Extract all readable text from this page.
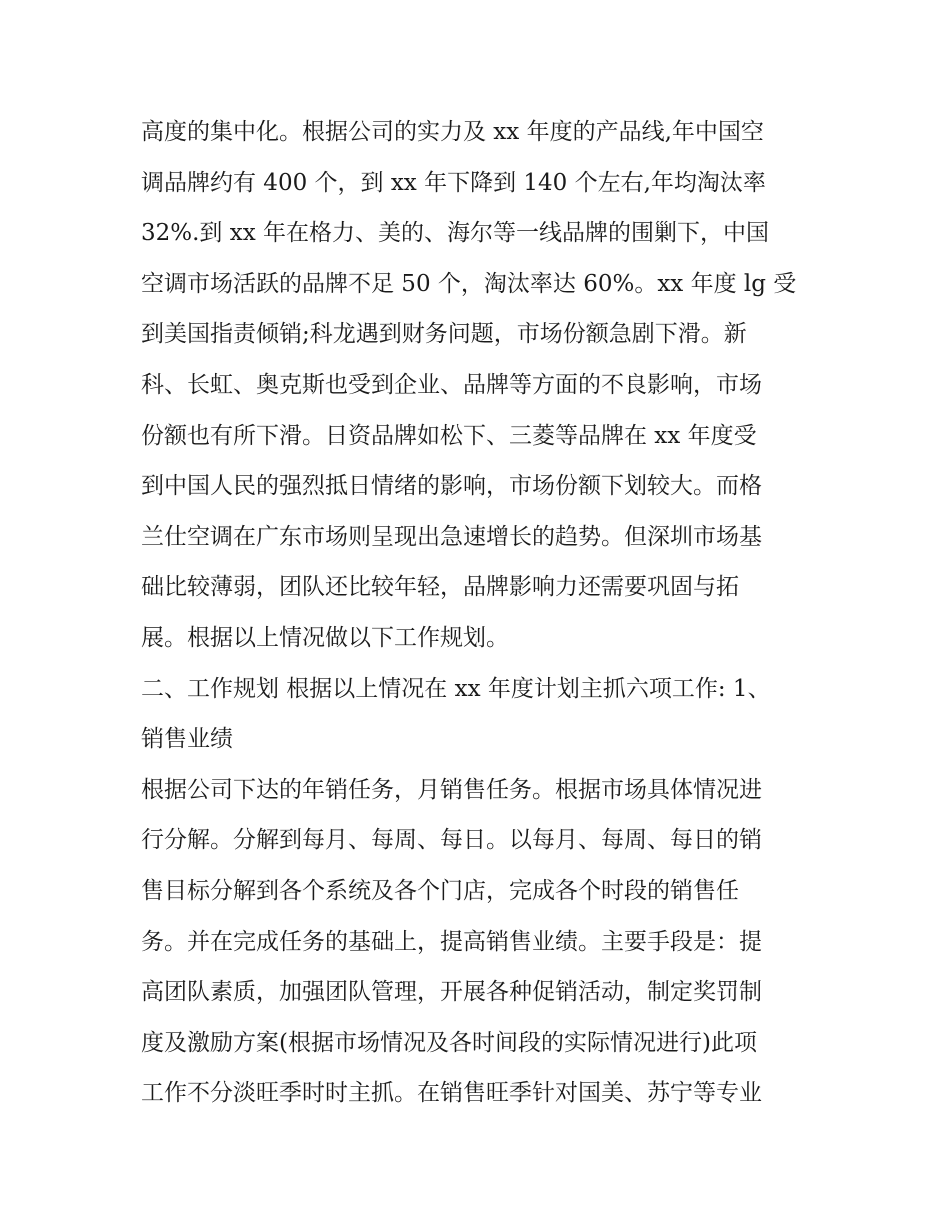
高度的集中化。根据公司的实力及 xx 年度的产品线,年中国空
调品牌约有 400 个，到 xx 年下降到 140 个左右,年均淘汰率
32%.到 xx 年在格力、美的、海尔等一线品牌的围剿下，中国
空调市场活跃的品牌不足 50 个，淘汰率达 60%。xx 年度 lg 受
到美国指责倾销;科龙遇到财务问题，市场份额急剧下滑。新
科、长虹、奥克斯也受到企业、品牌等方面的不良影响，市场
份额也有所下滑。日资品牌如松下、三菱等品牌在 xx 年度受
到中国人民的强烈抵日情绪的影响，市场份额下划较大。而格
兰仕空调在广东市场则呈现出急速增长的趋势。但深圳市场基
础比较薄弱，团队还比较年轻，品牌影响力还需要巩固与拓
展。根据以上情况做以下工作规划。
二、工作规划 根据以上情况在 xx 年度计划主抓六项工作: 1、
销售业绩
根据公司下达的年销任务，月销售任务。根据市场具体情况进
行分解。分解到每月、每周、每日。以每月、每周、每日的销
售目标分解到各个系统及各个门店，完成各个时段的销售任
务。并在完成任务的基础上，提高销售业绩。主要手段是：提
高团队素质，加强团队管理，开展各种促销活动，制定奖罚制
度及激励方案(根据市场情况及各时间段的实际情况进行)此项
工作不分淡旺季时时主抓。在销售旺季针对国美、苏宁等专业
